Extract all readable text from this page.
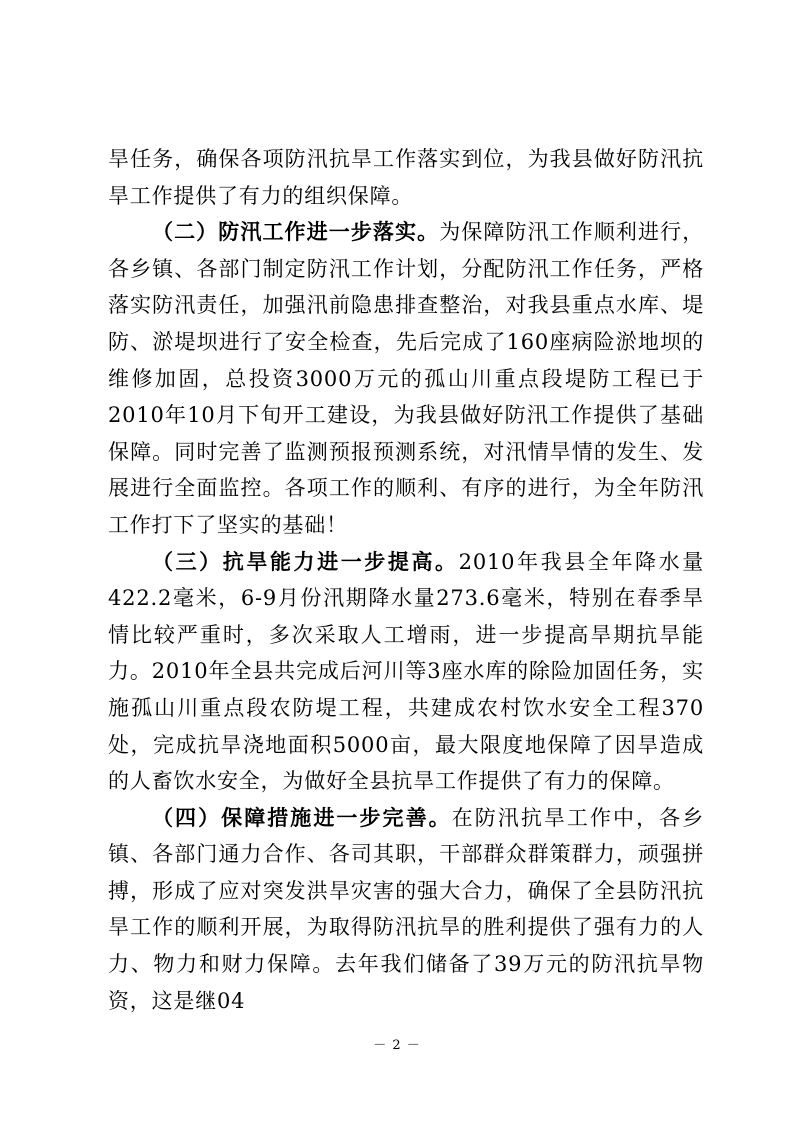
旱任务，确保各项防汛抗旱工作落实到位，为我县做好防汛抗旱工作提供了有力的组织保障。

（二）防汛工作进一步落实。为保障防汛工作顺利进行，各乡镇、各部门制定防汛工作计划，分配防汛工作任务，严格落实防汛责任，加强汛前隐患排查整治，对我县重点水库、堤防、淤堤坝进行了安全检查，先后完成了160座病险淤地坝的维修加固，总投资3000万元的孤山川重点段堤防工程已于2010年10月下旬开工建设，为我县做好防汛工作提供了基础保障。同时完善了监测预报预测系统，对汛情旱情的发生、发展进行全面监控。各项工作的顺利、有序的进行，为全年防汛工作打下了坚实的基础！

（三）抗旱能力进一步提高。2010年我县全年降水量422.2毫米，6-9月份汛期降水量273.6毫米，特别在春季旱情比较严重时，多次采取人工增雨，进一步提高旱期抗旱能力。2010年全县共完成后河川等3座水库的除险加固任务，实施孤山川重点段农防堤工程，共建成农村饮水安全工程370处，完成抗旱浇地面积5000亩，最大限度地保障了因旱造成的人畜饮水安全，为做好全县抗旱工作提供了有力的保障。

（四）保障措施进一步完善。在防汛抗旱工作中，各乡镇、各部门通力合作、各司其职，干部群众群策群力，顽强拼搏，形成了应对突发洪旱灾害的强大合力，确保了全县防汛抗旱工作的顺利开展，为取得防汛抗旱的胜利提供了强有力的人力、物力和财力保障。去年我们储备了39万元的防汛抗旱物资，这是继04

－ 2 －
